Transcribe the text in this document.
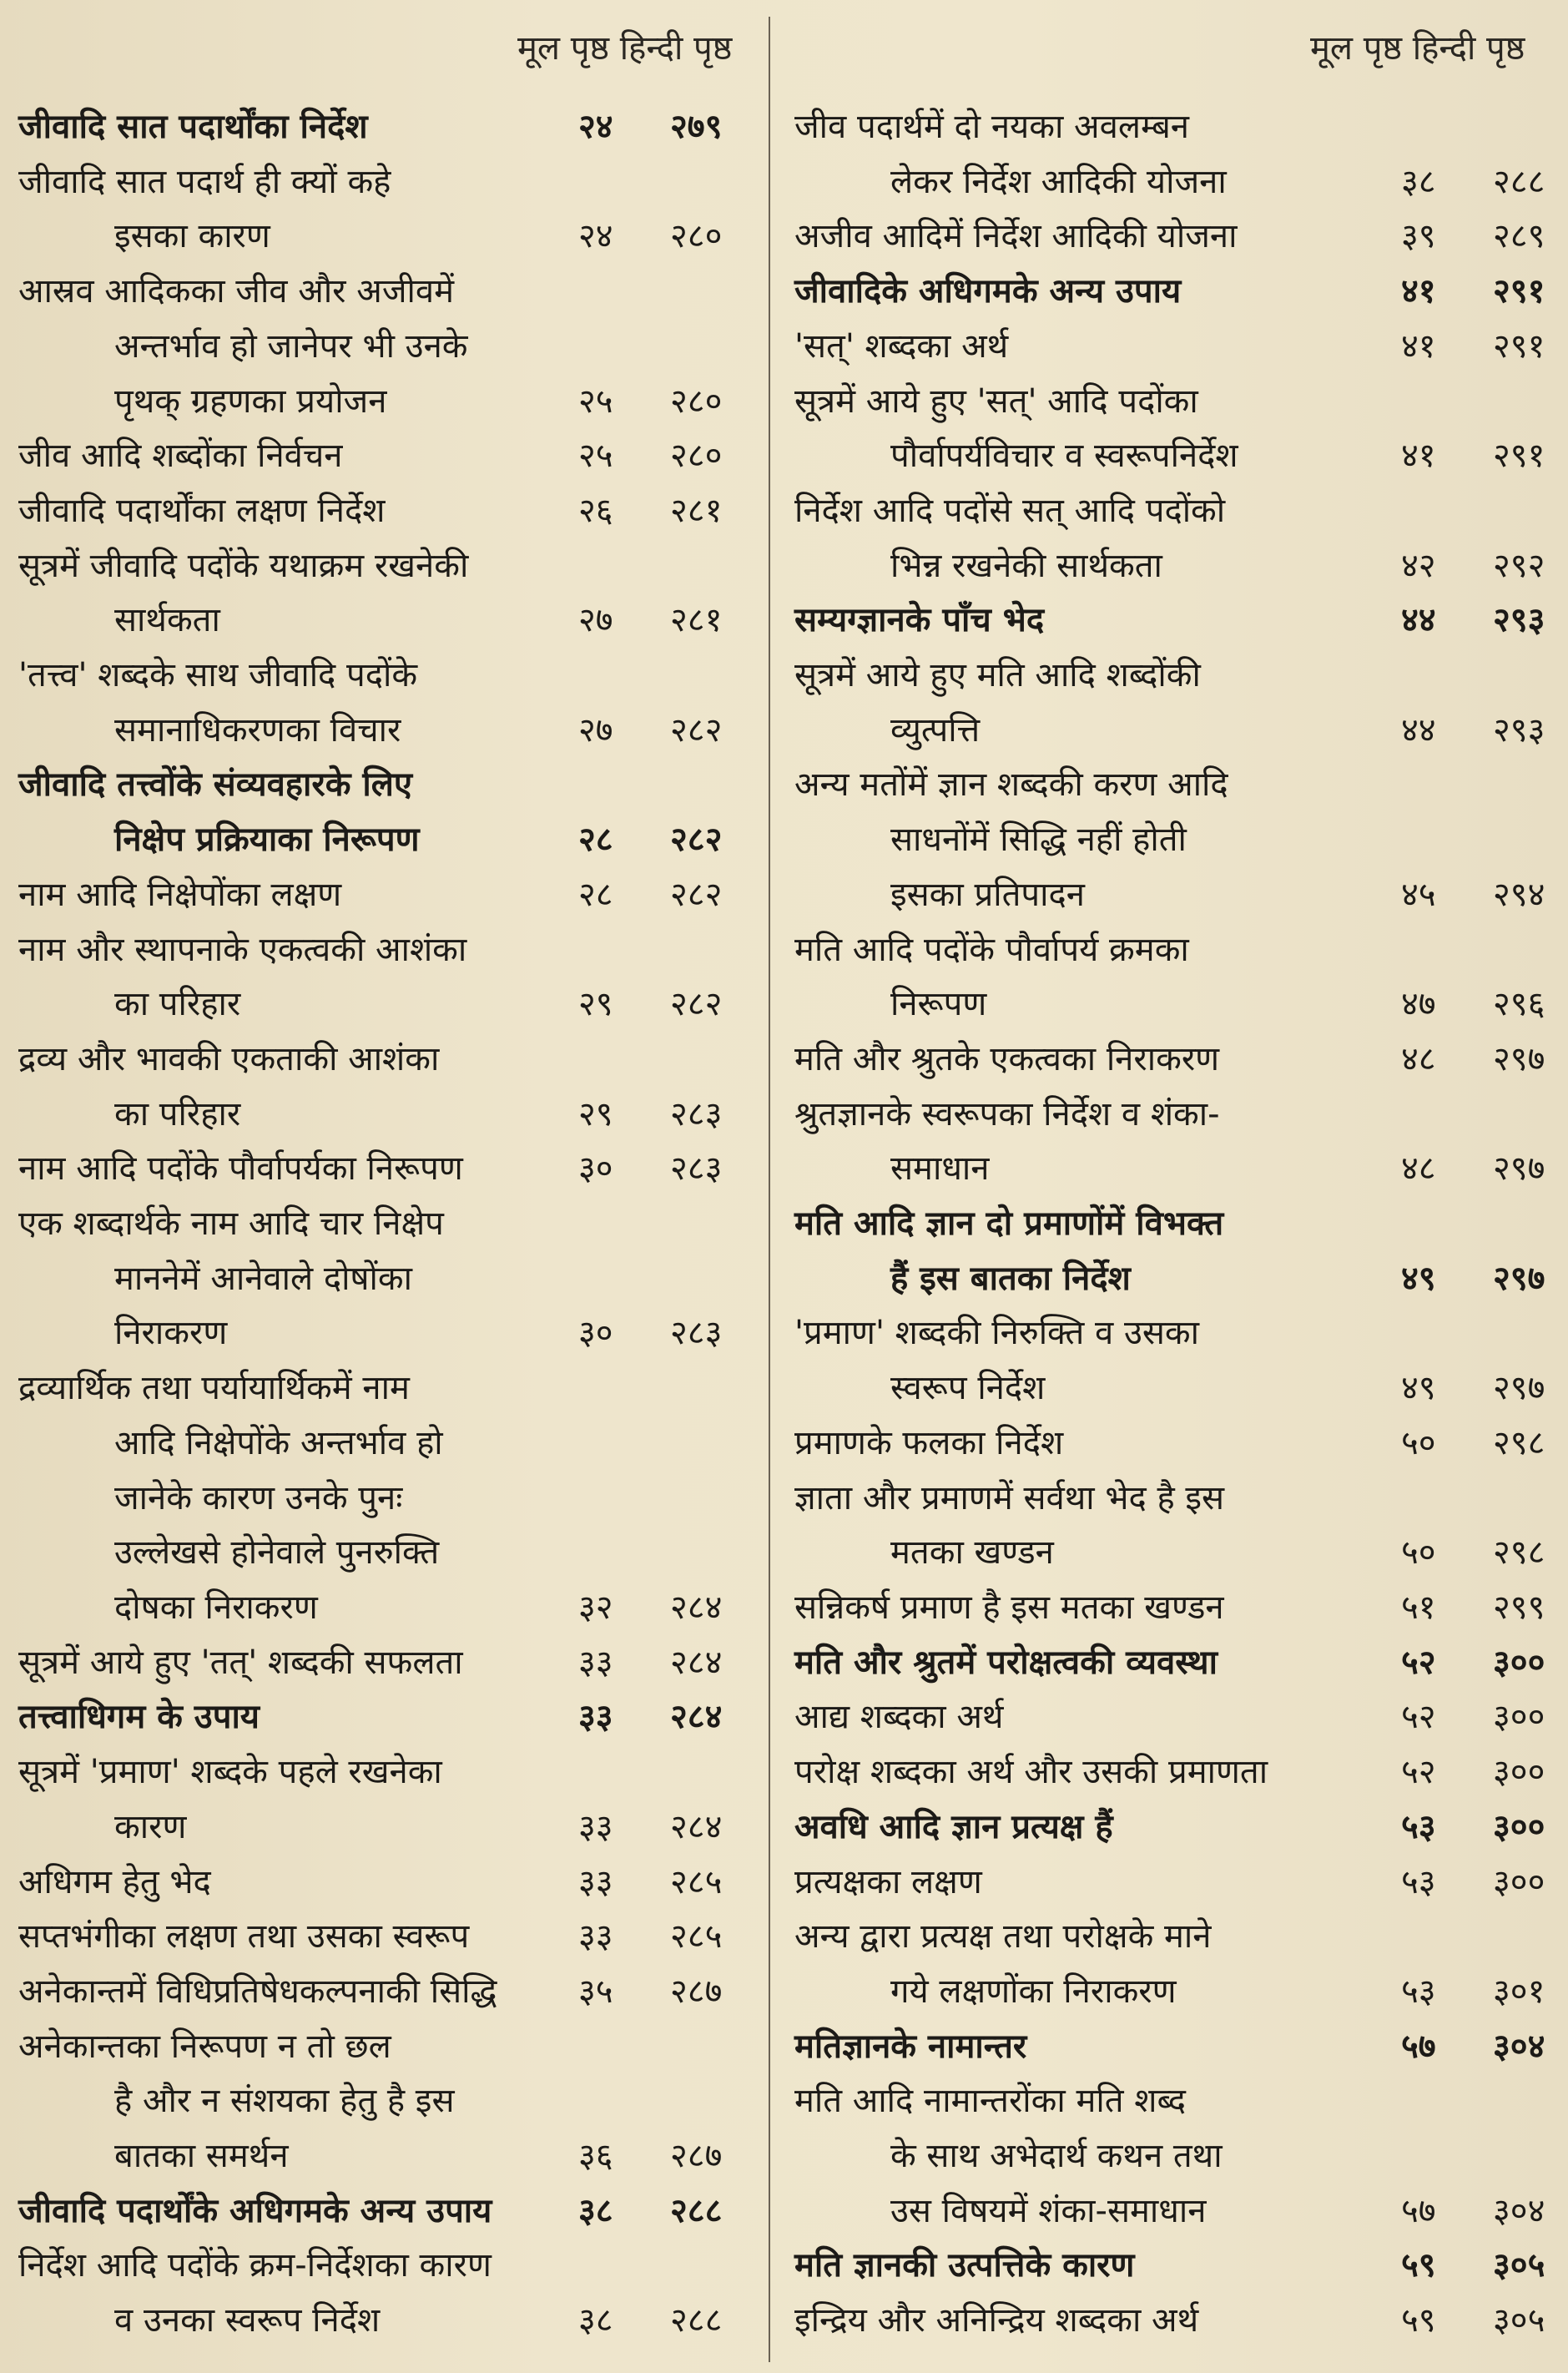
मूल पृष्ठ हिन्दी पृष्ठ
जीवादि सात पदार्थोंका निर्देश	२४	२७९
जीवादि सात पदार्थ ही क्यों कहे
इसका कारण	२४	२८०
आस्रव आदिकका जीव और अजीवमें
अन्तर्भाव हो जानेपर भी उनके
पृथक् ग्रहणका प्रयोजन	२५	२८०
जीव आदि शब्दोंका निर्वचन	२५	२८०
जीवादि पदार्थोंका लक्षण निर्देश	२६	२८१
सूत्रमें जीवादि पदोंके यथाक्रम रखनेकी
सार्थकता	२७	२८१
'तत्त्व' शब्दके साथ जीवादि पदोंके
समानाधिकरणका विचार	२७	२८२
जीवादि तत्त्वोंके संव्यवहारके लिए
निक्षेप प्रक्रियाका निरूपण	२८	२८२
नाम आदि निक्षेपोंका लक्षण	२८	२८२
नाम और स्थापनाके एकत्वकी आशंका
का परिहार	२९	२८२
द्रव्य और भावकी एकताकी आशंका
का परिहार	२९	२८३
नाम आदि पदोंके पौर्वापर्यका निरूपण	३०	२८३
एक शब्दार्थके नाम आदि चार निक्षेप
माननेमें आनेवाले दोषोंका
निराकरण	३०	२८३
द्रव्यार्थिक तथा पर्यायार्थिकमें नाम
आदि निक्षेपोंके अन्तर्भाव हो
जानेके कारण उनके पुनः
उल्लेखसे होनेवाले पुनरुक्ति
दोषका निराकरण	३२	२८४
सूत्रमें आये हुए 'तत्' शब्दकी सफलता	३३	२८४
तत्त्वाधिगम के उपाय	३३	२८४
सूत्रमें 'प्रमाण' शब्दके पहले रखनेका
कारण	३३	२८४
अधिगम हेतु भेद	३३	२८५
सप्तभंगीका लक्षण तथा उसका स्वरूप	३३	२८५
अनेकान्तमें विधिप्रतिषेधकल्पनाकी सिद्धि	३५	२८७
अनेकान्तका निरूपण न तो छल
है और न संशयका हेतु है इस
बातका समर्थन	३६	२८७
जीवादि पदार्थोंके अधिगमके अन्य उपाय	३८	२८८
निर्देश आदि पदोंके क्रम-निर्देशका कारण
व उनका स्वरूप निर्देश	३८	२८८
मूल पृष्ठ हिन्दी पृष्ठ
जीव पदार्थमें दो नयका अवलम्बन
लेकर निर्देश आदिकी योजना	३८	२८८
अजीव आदिमें निर्देश आदिकी योजना	३९	२८९
जीवादिके अधिगमके अन्य उपाय	४१	२९१
'सत्' शब्दका अर्थ	४१	२९१
सूत्रमें आये हुए 'सत्' आदि पदोंका
पौर्वापर्यविचार व स्वरूपनिर्देश	४१	२९१
निर्देश आदि पदोंसे सत् आदि पदोंको
भिन्न रखनेकी सार्थकता	४२	२९२
सम्यग्ज्ञानके पाँच भेद	४४	२९३
सूत्रमें आये हुए मति आदि शब्दोंकी
व्युत्पत्ति	४४	२९३
अन्य मतोंमें ज्ञान शब्दकी करण आदि
साधनोंमें सिद्धि नहीं होती
इसका प्रतिपादन	४५	२९४
मति आदि पदोंके पौर्वापर्य क्रमका
निरूपण	४७	२९६
मति और श्रुतके एकत्वका निराकरण	४८	२९७
श्रुतज्ञानके स्वरूपका निर्देश व शंका-
समाधान	४८	२९७
मति आदि ज्ञान दो प्रमाणोंमें विभक्त
हैं इस बातका निर्देश	४९	२९७
'प्रमाण' शब्दकी निरुक्ति व उसका
स्वरूप निर्देश	४९	२९७
प्रमाणके फलका निर्देश	५०	२९८
ज्ञाता और प्रमाणमें सर्वथा भेद है इस
मतका खण्डन	५०	२९८
सन्निकर्ष प्रमाण है इस मतका खण्डन	५१	२९९
मति और श्रुतमें परोक्षत्वकी व्यवस्था	५२	३००
आद्य शब्दका अर्थ	५२	३००
परोक्ष शब्दका अर्थ और उसकी प्रमाणता	५२	३००
अवधि आदि ज्ञान प्रत्यक्ष हैं	५३	३००
प्रत्यक्षका लक्षण	५३	३००
अन्य द्वारा प्रत्यक्ष तथा परोक्षके माने
गये लक्षणोंका निराकरण	५३	३०१
मतिज्ञानके नामान्तर	५७	३०४
मति आदि नामान्तरोंका मति शब्द
के साथ अभेदार्थ कथन तथा
उस विषयमें शंका-समाधान	५७	३०४
मति ज्ञानकी उत्पत्तिके कारण	५९	३०५
इन्द्रिय और अनिन्द्रिय शब्दका अर्थ	५९	३०५
